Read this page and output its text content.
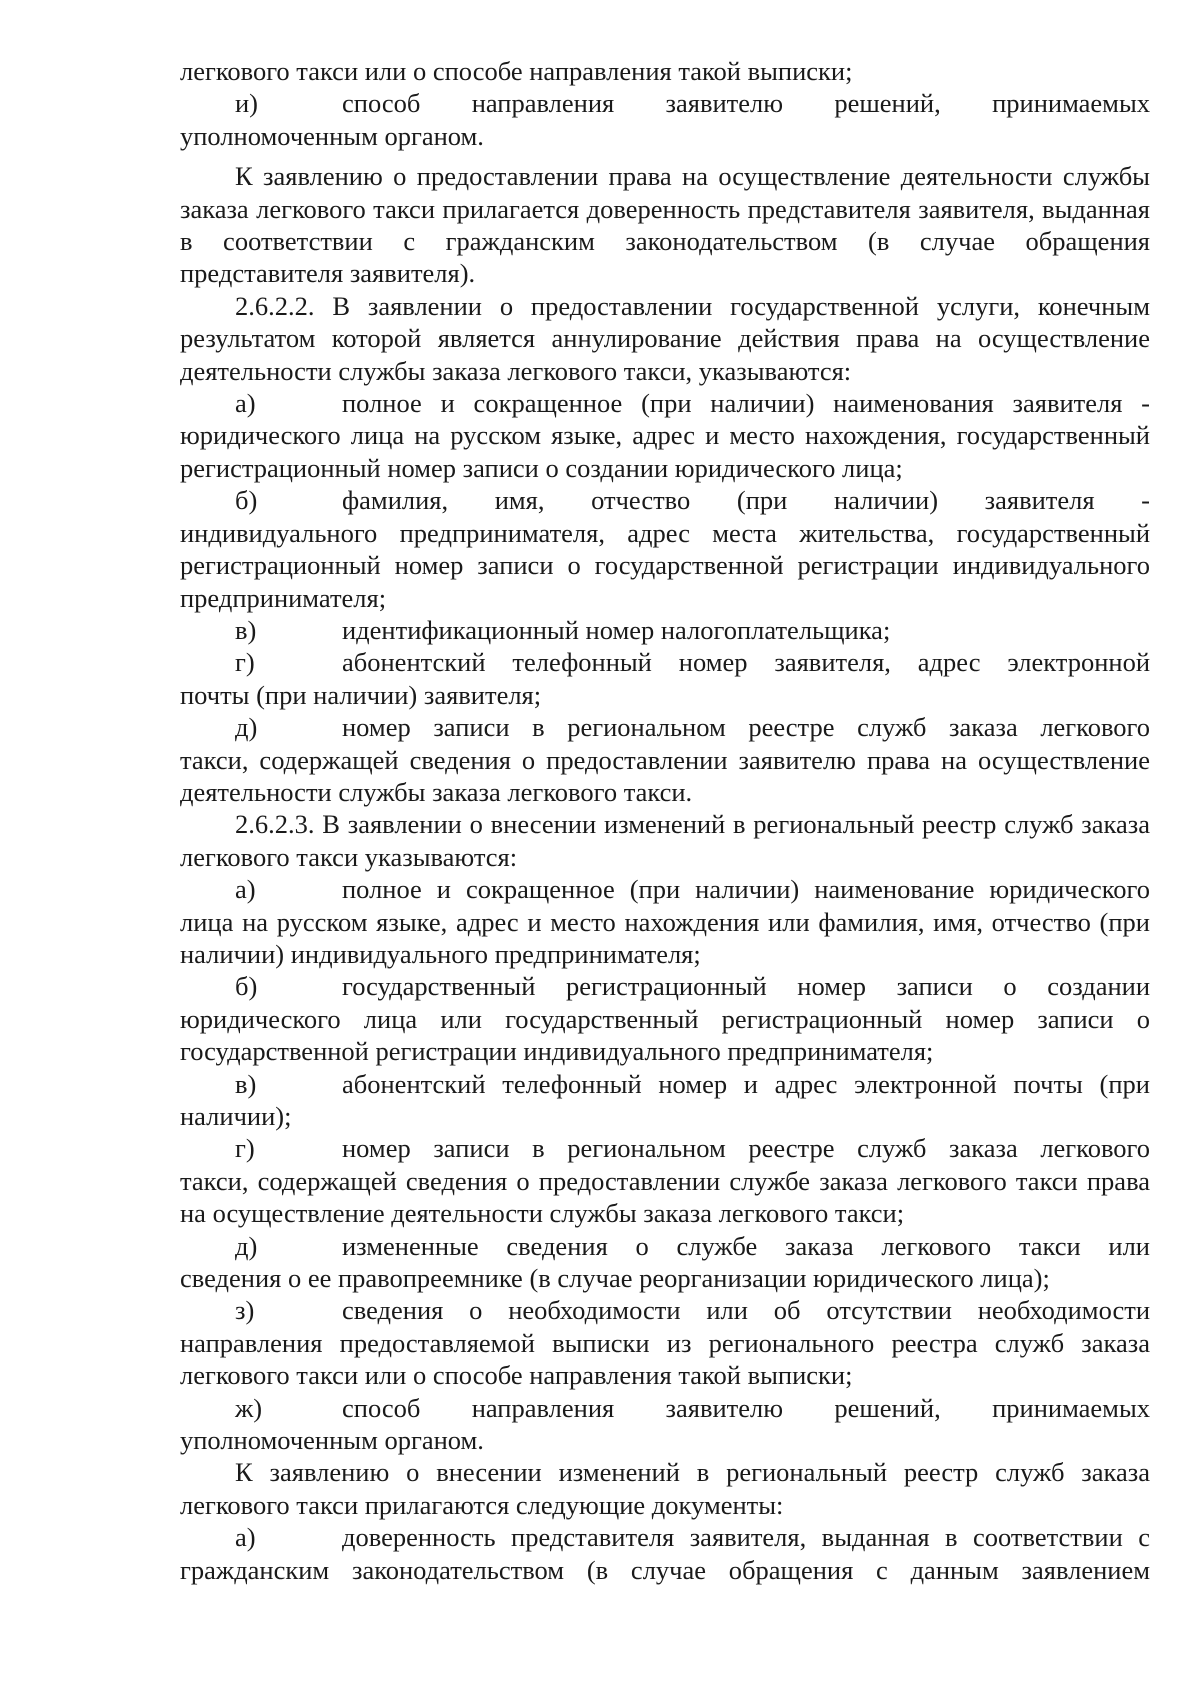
легкового такси или о способе направления такой выписки;

и)	способ направления заявителю решений, принимаемых

уполномоченным органом.

К заявлению о предоставлении права на осуществление деятельности службы заказа легкового такси прилагается доверенность представителя заявителя, выданная в соответствии с гражданским законодательством (в случае обращения представителя заявителя).

2.6.2.2. В заявлении о предоставлении государственной услуги, конечным результатом которой является аннулирование действия права на осуществление деятельности службы заказа легкового такси, указываются:

а)	полное и сокращенное (при наличии) наименования заявителя -

юридического лица на русском языке, адрес и место нахождения, государственный регистрационный номер записи о создании юридического лица;

б)	фамилия, имя, отчество (при наличии) заявителя -

индивидуального предпринимателя, адрес места жительства, государственный регистрационный номер записи о государственной регистрации индивидуального предпринимателя;

в)	идентификационный номер налогоплательщика;
г)	абонентский телефонный номер заявителя, адрес электронной

почты (при наличии) заявителя;

д)	номер записи в региональном реестре служб заказа легкового

такси, содержащей сведения о предоставлении заявителю права на осуществление деятельности службы заказа легкового такси.

2.6.2.3. В заявлении о внесении изменений в региональный реестр служб заказа легкового такси указываются:

а)	полное и сокращенное (при наличии) наименование юридического

лица на русском языке, адрес и место нахождения или фамилия, имя, отчество (при наличии) индивидуального предпринимателя;

б)	государственный регистрационный номер записи о создании

юридического лица или государственный регистрационный номер записи о государственной регистрации индивидуального предпринимателя;

в)	абонентский телефонный номер и адрес электронной почты (при

наличии);

г)	номер записи в региональном реестре служб заказа легкового

такси, содержащей сведения о предоставлении службе заказа легкового такси права на осуществление деятельности службы заказа легкового такси;

д)	измененные сведения о службе заказа легкового такси или

сведения о ее правопреемнике (в случае реорганизации юридического лица);

з)	сведения о необходимости или об отсутствии необходимости

направления предоставляемой выписки из регионального реестра служб заказа легкового такси или о способе направления такой выписки;

ж)	способ направления заявителю решений, принимаемых

уполномоченным органом.

К заявлению о внесении изменений в региональный реестр служб заказа легкового такси прилагаются следующие документы:

а)	доверенность представителя заявителя, выданная в соответствии с

гражданским законодательством (в случае обращения с данным заявлением
